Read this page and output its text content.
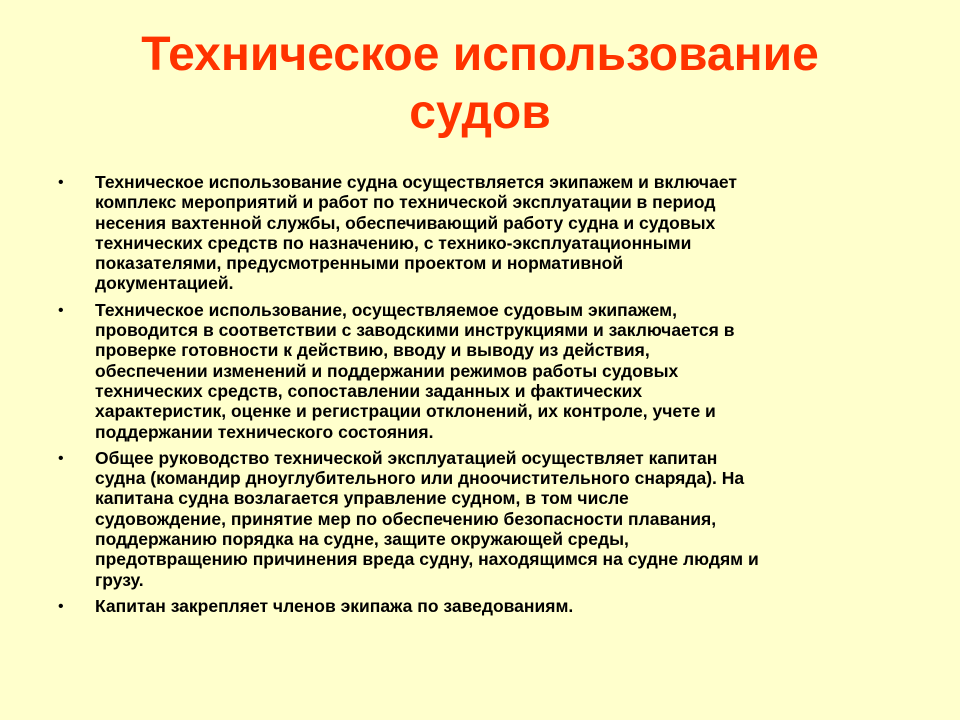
Техническое использование
судов
• Техническое использование судна осуществляется экипажем и включает
комплекс мероприятий и работ по технической эксплуатации в период
несения вахтенной службы, обеспечивающий работу судна и судовых
технических средств по назначению, с технико-эксплуатационными
показателями, предусмотренными проектом и нормативной
документацией.
• Техническое использование, осуществляемое судовым экипажем,
проводится в соответствии с заводскими инструкциями и заключается в
проверке готовности к действию, вводу и выводу из действия,
обеспечении изменений и поддержании режимов работы судовых
технических средств, сопоставлении заданных и фактических
характеристик, оценке и регистрации отклонений, их контроле, учете и
поддержании технического состояния.
• Общее руководство технической эксплуатацией осуществляет капитан
судна (командир дноуглубительного или дноочистительного снаряда). На
капитана судна возлагается управление судном, в том числе
судовождение, принятие мер по обеспечению безопасности плавания,
поддержанию порядка на судне, защите окружающей среды,
предотвращению причинения вреда судну, находящимся на судне людям и
грузу.
• Капитан закрепляет членов экипажа по заведованиям.
